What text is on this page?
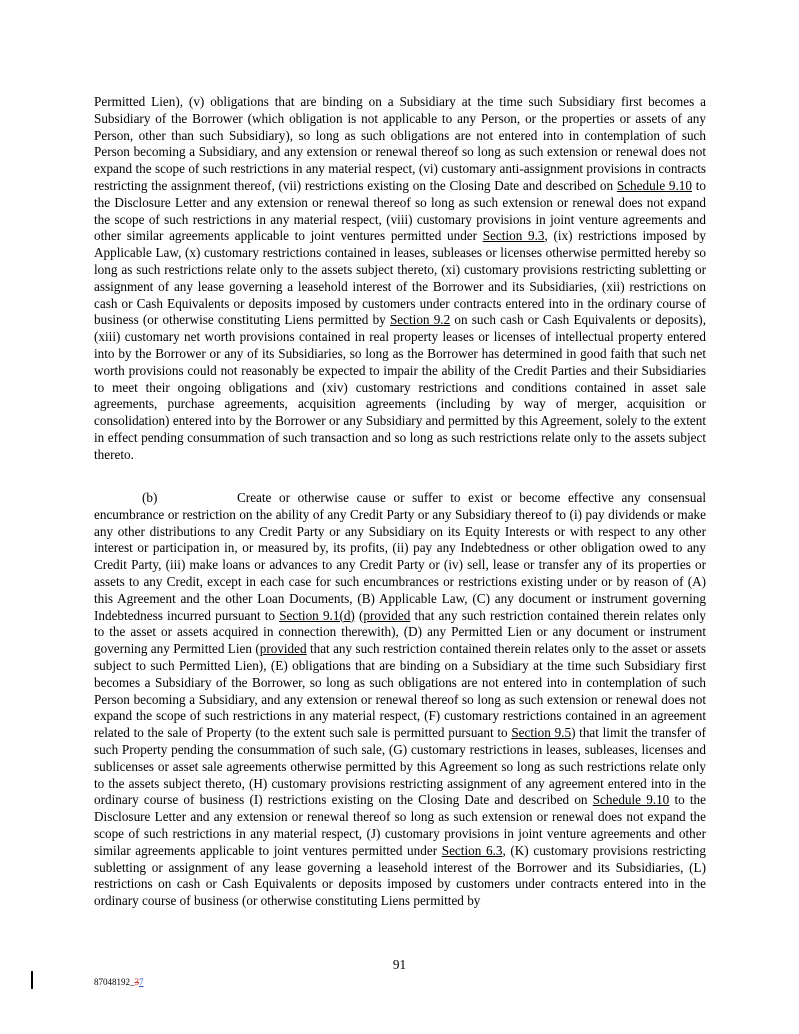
Permitted Lien), (v) obligations that are binding on a Subsidiary at the time such Subsidiary first becomes a Subsidiary of the Borrower (which obligation is not applicable to any Person, or the properties or assets of any Person, other than such Subsidiary), so long as such obligations are not entered into in contemplation of such Person becoming a Subsidiary, and any extension or renewal thereof so long as such extension or renewal does not expand the scope of such restrictions in any material respect, (vi) customary anti-assignment provisions in contracts restricting the assignment thereof, (vii) restrictions existing on the Closing Date and described on Schedule 9.10 to the Disclosure Letter and any extension or renewal thereof so long as such extension or renewal does not expand the scope of such restrictions in any material respect, (viii) customary provisions in joint venture agreements and other similar agreements applicable to joint ventures permitted under Section 9.3, (ix) restrictions imposed by Applicable Law, (x) customary restrictions contained in leases, subleases or licenses otherwise permitted hereby so long as such restrictions relate only to the assets subject thereto, (xi) customary provisions restricting subletting or assignment of any lease governing a leasehold interest of the Borrower and its Subsidiaries, (xii) restrictions on cash or Cash Equivalents or deposits imposed by customers under contracts entered into in the ordinary course of business (or otherwise constituting Liens permitted by Section 9.2 on such cash or Cash Equivalents or deposits), (xiii) customary net worth provisions contained in real property leases or licenses of intellectual property entered into by the Borrower or any of its Subsidiaries, so long as the Borrower has determined in good faith that such net worth provisions could not reasonably be expected to impair the ability of the Credit Parties and their Subsidiaries to meet their ongoing obligations and (xiv) customary restrictions and conditions contained in asset sale agreements, purchase agreements, acquisition agreements (including by way of merger, acquisition or consolidation) entered into by the Borrower or any Subsidiary and permitted by this Agreement, solely to the extent in effect pending consummation of such transaction and so long as such restrictions relate only to the assets subject thereto.

(b)	Create or otherwise cause or suffer to exist or become effective any consensual encumbrance or restriction on the ability of any Credit Party or any Subsidiary thereof to (i) pay dividends or make any other distributions to any Credit Party or any Subsidiary on its Equity Interests or with respect to any other interest or participation in, or measured by, its profits, (ii) pay any Indebtedness or other obligation owed to any Credit Party, (iii) make loans or advances to any Credit Party or (iv) sell, lease or transfer any of its properties or assets to any Credit, except in each case for such encumbrances or restrictions existing under or by reason of (A) this Agreement and the other Loan Documents, (B) Applicable Law, (C) any document or instrument governing Indebtedness incurred pursuant to Section 9.1(d) (provided that any such restriction contained therein relates only to the asset or assets acquired in connection therewith), (D) any Permitted Lien or any document or instrument governing any Permitted Lien (provided that any such restriction contained therein relates only to the asset or assets subject to such Permitted Lien), (E) obligations that are binding on a Subsidiary at the time such Subsidiary first becomes a Subsidiary of the Borrower, so long as such obligations are not entered into in contemplation of such Person becoming a Subsidiary, and any extension or renewal thereof so long as such extension or renewal does not expand the scope of such restrictions in any material respect, (F) customary restrictions contained in an agreement related to the sale of Property (to the extent such sale is permitted pursuant to Section 9.5) that limit the transfer of such Property pending the consummation of such sale, (G) customary restrictions in leases, subleases, licenses and sublicenses or asset sale agreements otherwise permitted by this Agreement so long as such restrictions relate only to the assets subject thereto, (H) customary provisions restricting assignment of any agreement entered into in the ordinary course of business (I) restrictions existing on the Closing Date and described on Schedule 9.10 to the Disclosure Letter and any extension or renewal thereof so long as such extension or renewal does not expand the scope of such restrictions in any material respect, (J) customary provisions in joint venture agreements and other similar agreements applicable to joint ventures permitted under Section 6.3, (K) customary provisions restricting subletting or assignment of any lease governing a leasehold interest of the Borrower and its Subsidiaries, (L) restrictions on cash or Cash Equivalents or deposits imposed by customers under contracts entered into in the ordinary course of business (or otherwise constituting Liens permitted by

91
87048192_37
